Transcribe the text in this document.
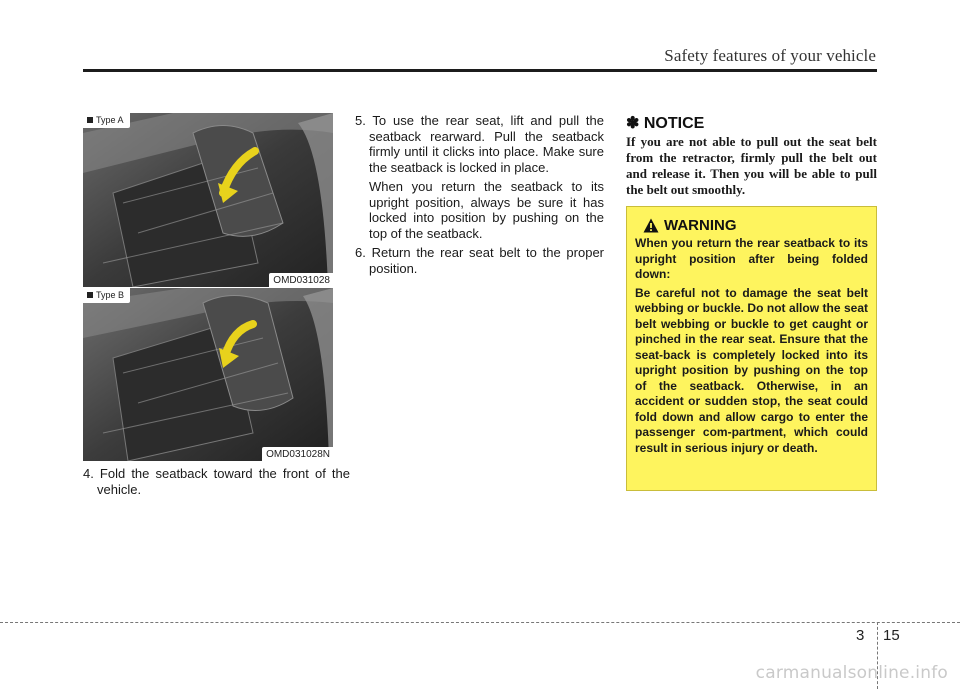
Safety features of your vehicle
Type A
OMD031028
Type B
OMD031028N
4. Fold the seatback toward the front of the vehicle.

5. To use the rear seat, lift and pull the seatback rearward. Pull the seatback firmly until it clicks into place. Make sure the seatback is locked in place.

When you return the seatback to its upright position, always be sure it has locked into position by pushing on the top of the seatback.

6. Return the rear seat belt to the proper position.

✽ NOTICE
If you are not able to pull out the seat belt from the retractor, firmly pull the belt out and release it. Then you will be able to pull the belt out smoothly.
WARNING

When you return the rear seatback to its upright position after being folded down:

Be careful not to damage the seat belt webbing or buckle. Do not allow the seat belt webbing or buckle to get caught or pinched in the rear seat. Ensure that the seat-back is completely locked into its upright position by pushing on the top of the seatback. Otherwise, in an accident or sudden stop, the seat could fold down and allow cargo to enter the passenger com-partment, which could result in serious injury or death.

3 15
carmanualsonline.info
